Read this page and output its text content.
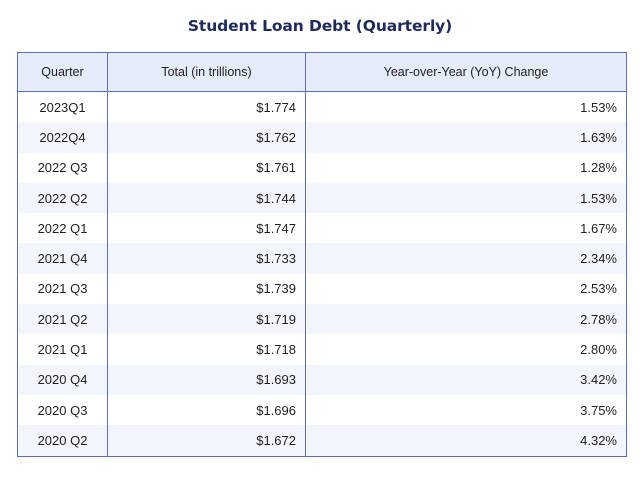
Student Loan Debt (Quarterly)
Quarter	Total (in trillions)	Year-over-Year (YoY) Change
2023Q1	$1.774	1.53%
2022Q4	$1.762	1.63%
2022 Q3	$1.761	1.28%
2022 Q2	$1.744	1.53%
2022 Q1	$1.747	1.67%
2021 Q4	$1.733	2.34%
2021 Q3	$1.739	2.53%
2021 Q2	$1.719	2.78%
2021 Q1	$1.718	2.80%
2020 Q4	$1.693	3.42%
2020 Q3	$1.696	3.75%
2020 Q2	$1.672	4.32%
